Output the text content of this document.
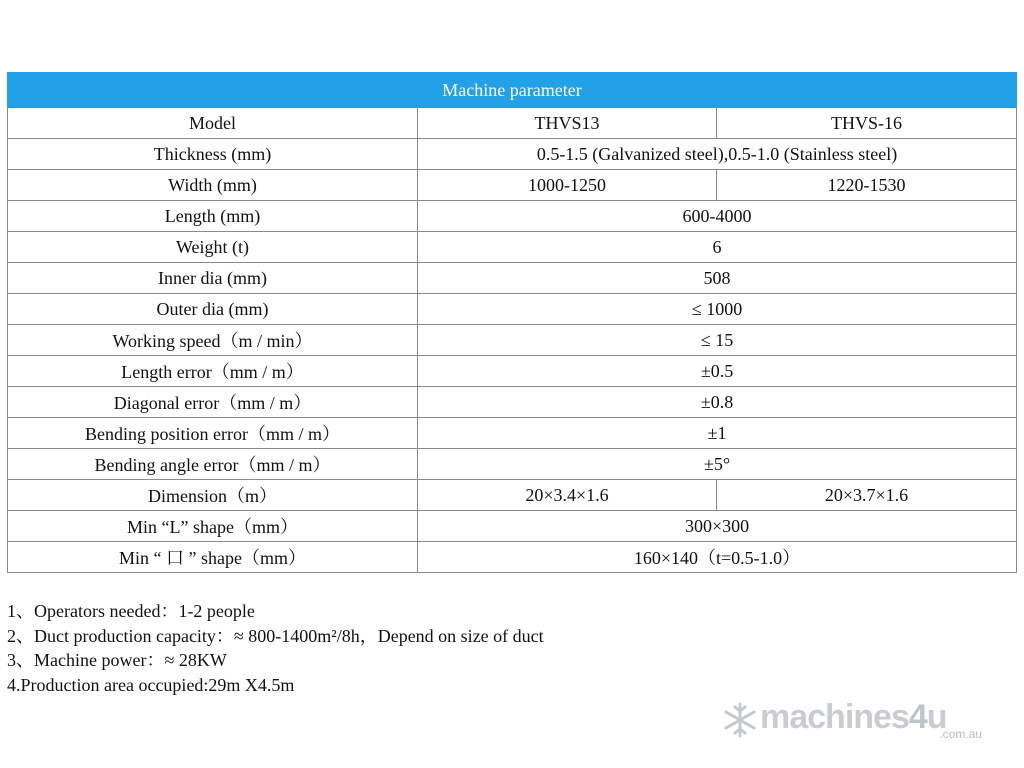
Machine parameter		
Model	THVS13	THVS-16
Thickness (mm)	0.5-1.5 (Galvanized steel),0.5-1.0 (Stainless steel)	
Width (mm)	1000-1250	1220-1530
Length (mm)	600-4000	
Weight (t)	6	
Inner dia (mm)	508	
Outer dia (mm)	≤ 1000	
Working speed（m / min）	≤ 15	
Length error（mm / m）	±0.5	
Diagonal error（mm / m）	±0.8	
Bending position error（mm / m）	±1	
Bending angle error（mm / m）	±5°	
Dimension（m）	20×3.4×1.6	20×3.7×1.6
Min “L” shape（mm）	300×300	
Min “ 口 ” shape（mm）	160×140（t=0.5-1.0）	
1、Operators needed：1-2 people
2、Duct production capacity：≈ 800-1400m²/8h，Depend on size of duct
3、Machine power：≈ 28KW
4.Production area occupied:29m X4.5m
machines4u
.com.au
